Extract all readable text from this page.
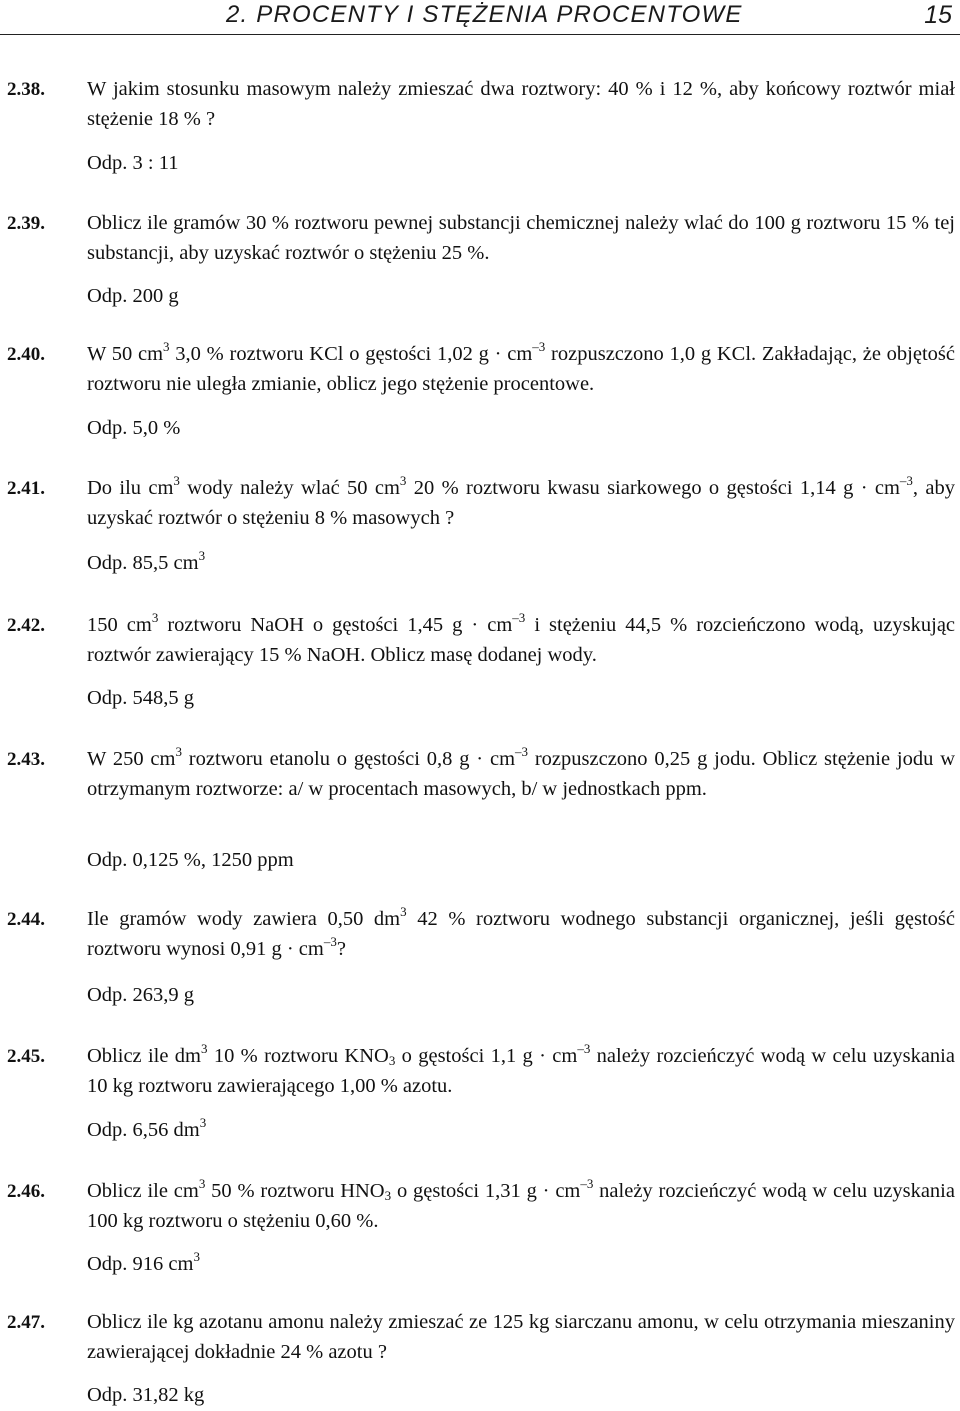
2. PROCENTY I STĘŻENIA PROCENTOWE	15
2.38. W jakim stosunku masowym należy zmieszać dwa roztwory: 40 % i 12 %, aby końcowy roztwór miał stężenie 18 % ?
Odp. 3 : 11
2.39. Oblicz ile gramów 30 % roztworu pewnej substancji chemicznej należy wlać do 100 g roztworu 15 % tej substancji, aby uzyskać roztwór o stężeniu 25 %.
Odp. 200 g
2.40. W 50 $cm^3$ 3,0 % roztworu KCl o gęstości 1,02 $g \cdot cm^{-3}$ rozpuszczono 1,0 g KCl. Zakładając, że objętość roztworu nie uległa zmianie, oblicz jego stężenie procentowe.
Odp. 5,0 %
2.41. Do ilu $cm^3$ wody należy wlać 50 $cm^3$ 20 % roztworu kwasu siarkowego o gęstości 1,14 $g \cdot cm^{-3}$, aby uzyskać roztwór o stężeniu 8 % masowych ?
Odp. 85,5 $cm^3$
2.42. 150 $cm^3$ roztworu NaOH o gęstości 1,45 $g \cdot cm^{-3}$ i stężeniu 44,5 % rozcieńczono wodą, uzyskując roztwór zawierający 15 % NaOH. Oblicz masę dodanej wody.
Odp. 548,5 g
2.43. W 250 $cm^3$ roztworu etanolu o gęstości 0,8 $g \cdot cm^{-3}$ rozpuszczono 0,25 g jodu. Oblicz stężenie jodu w otrzymanym roztworze: a/ w procentach masowych, b/ w jednostkach ppm.
Odp. 0,125 %, 1250 ppm
2.44. Ile gramów wody zawiera 0,50 $dm^3$ 42 % roztworu wodnego substancji organicznej, jeśli gęstość roztworu wynosi 0,91 $g \cdot cm^{-3}$?
Odp. 263,9 g
2.45. Oblicz ile $dm^3$ 10 % roztworu $KNO_3$ o gęstości 1,1 $g \cdot cm^{-3}$ należy rozcieńczyć wodą w celu uzyskania 10 kg roztworu zawierającego 1,00 % azotu.
Odp. 6,56 $dm^3$
2.46. Oblicz ile $cm^3$ 50 % roztworu $HNO_3$ o gęstości 1,31 $g \cdot cm^{-3}$ należy rozcieńczyć wodą w celu uzyskania 100 kg roztworu o stężeniu 0,60 %.
Odp. 916 $cm^3$
2.47. Oblicz ile kg azotanu amonu należy zmieszać ze 125 kg siarczanu amonu, w celu otrzymania mieszaniny zawierającej dokładnie 24 % azotu ?
Odp. 31,82 kg
